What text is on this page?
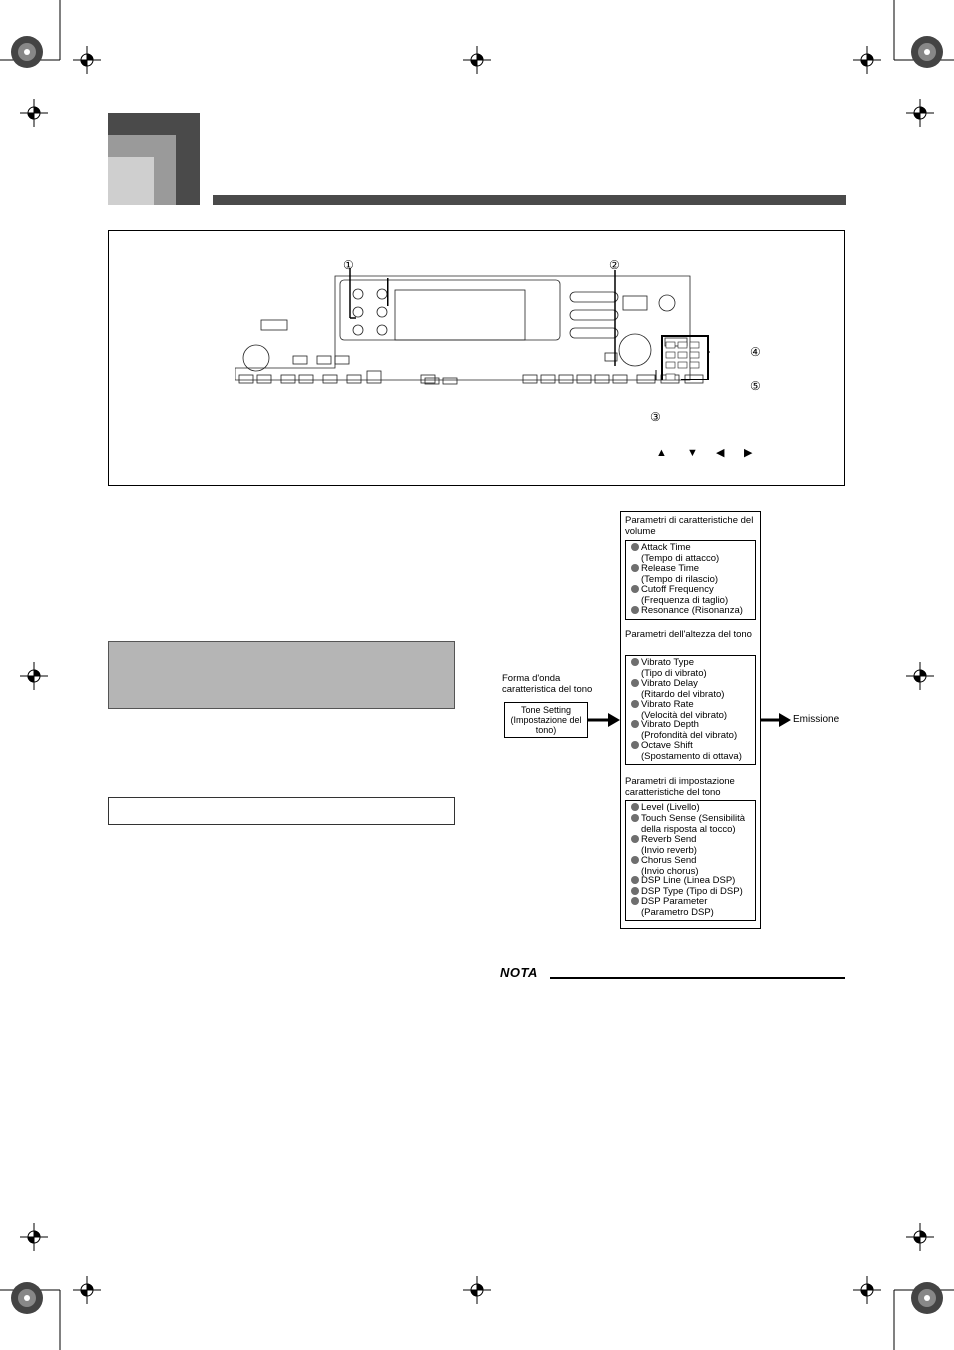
①	②
③
④
⑤
▲ ▼ ◀ ▶
Parametri di caratteristiche del volume
Attack Time
(Tempo di attacco)
Release Time
(Tempo di rilascio)
Cutoff Frequency
(Frequenza di taglio)
Resonance (Risonanza)
Parametri dell'altezza del tono
Vibrato Type
(Tipo di vibrato)
Vibrato Delay
(Ritardo del vibrato)
Vibrato Rate
(Velocità del vibrato)
Vibrato Depth
(Profondità del vibrato)
Octave Shift
(Spostamento di ottava)
Parametri di impostazione caratteristiche del tono
Level (Livello)
Touch Sense (Sensibilità
della risposta al tocco)
Reverb Send
(Invio reverb)
Chorus Send
(Invio chorus)
DSP Line (Linea DSP)
DSP Type (Tipo di DSP)
DSP Parameter
(Parametro DSP)
Forma d'onda caratteristica del tono
Tone Setting (Impostazione del tono)
Emissione
NOTA
